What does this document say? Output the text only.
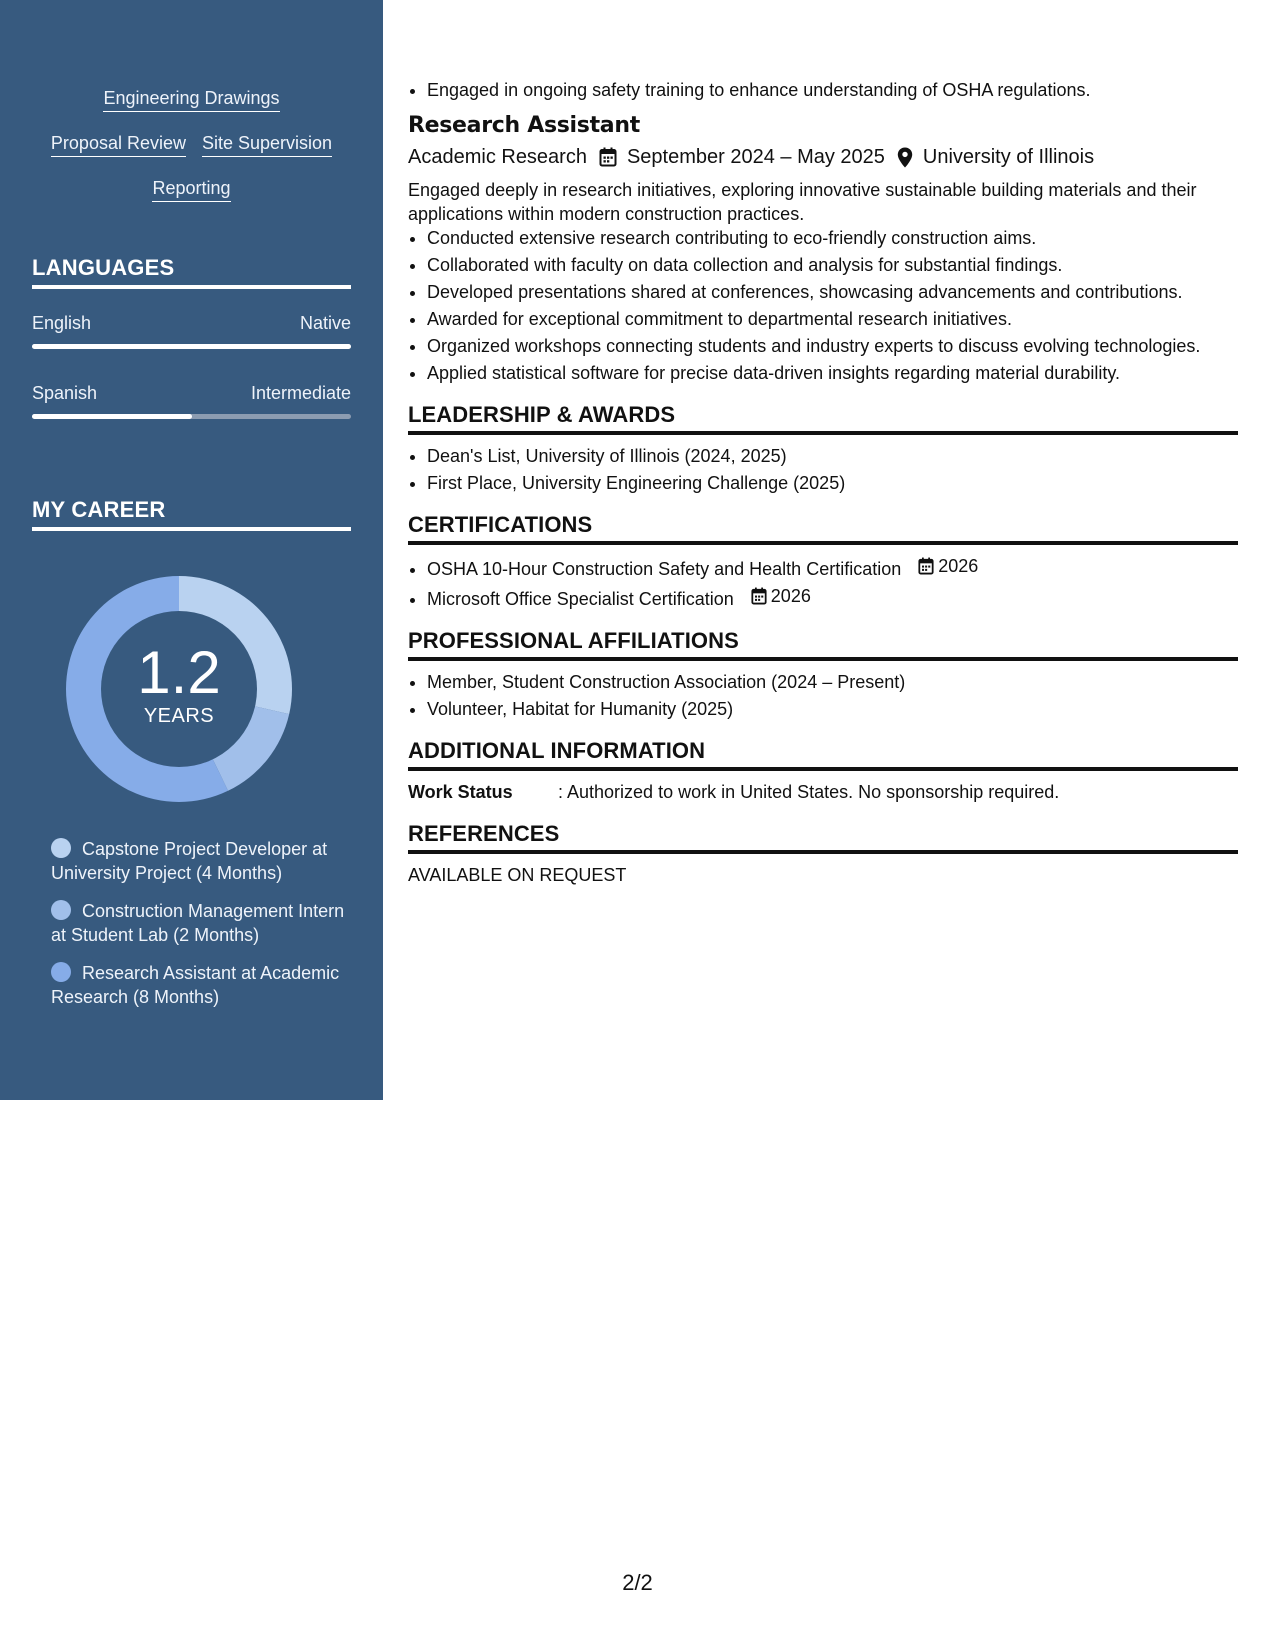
Engineering Drawings
Proposal Review Site Supervision
Reporting
LANGUAGES
English	Native
Spanish	Intermediate
MY CAREER
1.2
YEARS
Capstone Project Developer at University Project (4 Months)
Construction Management Intern at Student Lab (2 Months)
Research Assistant at Academic Research (8 Months)
• Engaged in ongoing safety training to enhance understanding of OSHA regulations.
Research Assistant
Academic Research September 2024 – May 2025 University of Illinois
Engaged deeply in research initiatives, exploring innovative sustainable building materials and their applications within modern construction practices.
• Conducted extensive research contributing to eco-friendly construction aims.
• Collaborated with faculty on data collection and analysis for substantial findings.
• Developed presentations shared at conferences, showcasing advancements and contributions.
• Awarded for exceptional commitment to departmental research initiatives.
• Organized workshops connecting students and industry experts to discuss evolving technologies.
• Applied statistical software for precise data-driven insights regarding material durability.
LEADERSHIP & AWARDS
• Dean's List, University of Illinois (2024, 2025)
• First Place, University Engineering Challenge (2025)
CERTIFICATIONS
• OSHA 10-Hour Construction Safety and Health Certification 2026
• Microsoft Office Specialist Certification 2026
PROFESSIONAL AFFILIATIONS
• Member, Student Construction Association (2024 – Present)
• Volunteer, Habitat for Humanity (2025)
ADDITIONAL INFORMATION
Work Status	: Authorized to work in United States. No sponsorship required.
REFERENCES
AVAILABLE ON REQUEST
2/2
